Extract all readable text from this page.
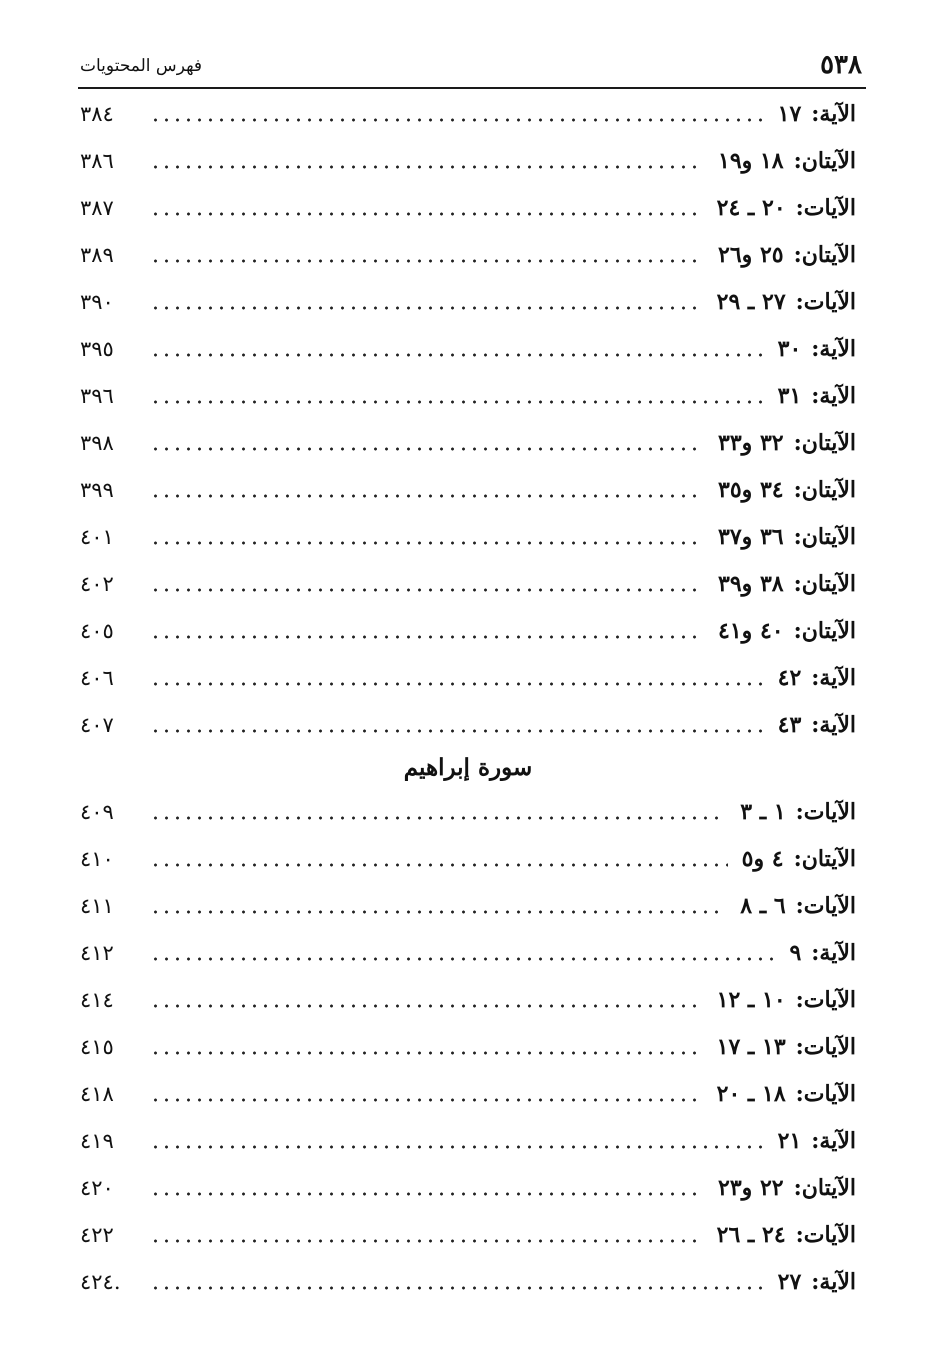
فهرس المحتويات	٥٣٨
الآية:
١٧
٣٨٤
الآيتان:
١٨ و١٩
٣٨٦
الآيات:
٢٠ ـ ٢٤
٣٨٧
الآيتان:
٢٥ و٢٦
٣٨٩
الآيات:
٢٧ ـ ٢٩
٣٩٠
الآية:
٣٠
٣٩٥
الآية:
٣١
٣٩٦
الآيتان:
٣٢ و٣٣
٣٩٨
الآيتان:
٣٤ و٣٥
٣٩٩
الآيتان:
٣٦ و٣٧
٤٠١
الآيتان:
٣٨ و٣٩
٤٠٢
الآيتان:
٤٠ و٤١
٤٠٥
الآية:
٤٢
٤٠٦
الآية:
٤٣
٤٠٧
سورة إبراهيم
الآيات:
١ ـ ٣
٤٠٩
الآيتان:
٤ و٥
٤١٠
الآيات:
٦ ـ ٨
٤١١
الآية:
٩
٤١٢
الآيات:
١٠ ـ ١٢
٤١٤
الآيات:
١٣ ـ ١٧
٤١٥
الآيات:
١٨ ـ ٢٠
٤١٨
الآية:
٢١
٤١٩
الآيتان:
٢٢ و٢٣
٤٢٠
الآيات:
٢٤ ـ ٢٦
٤٢٢
الآية:
٢٧
.٤٢٤
